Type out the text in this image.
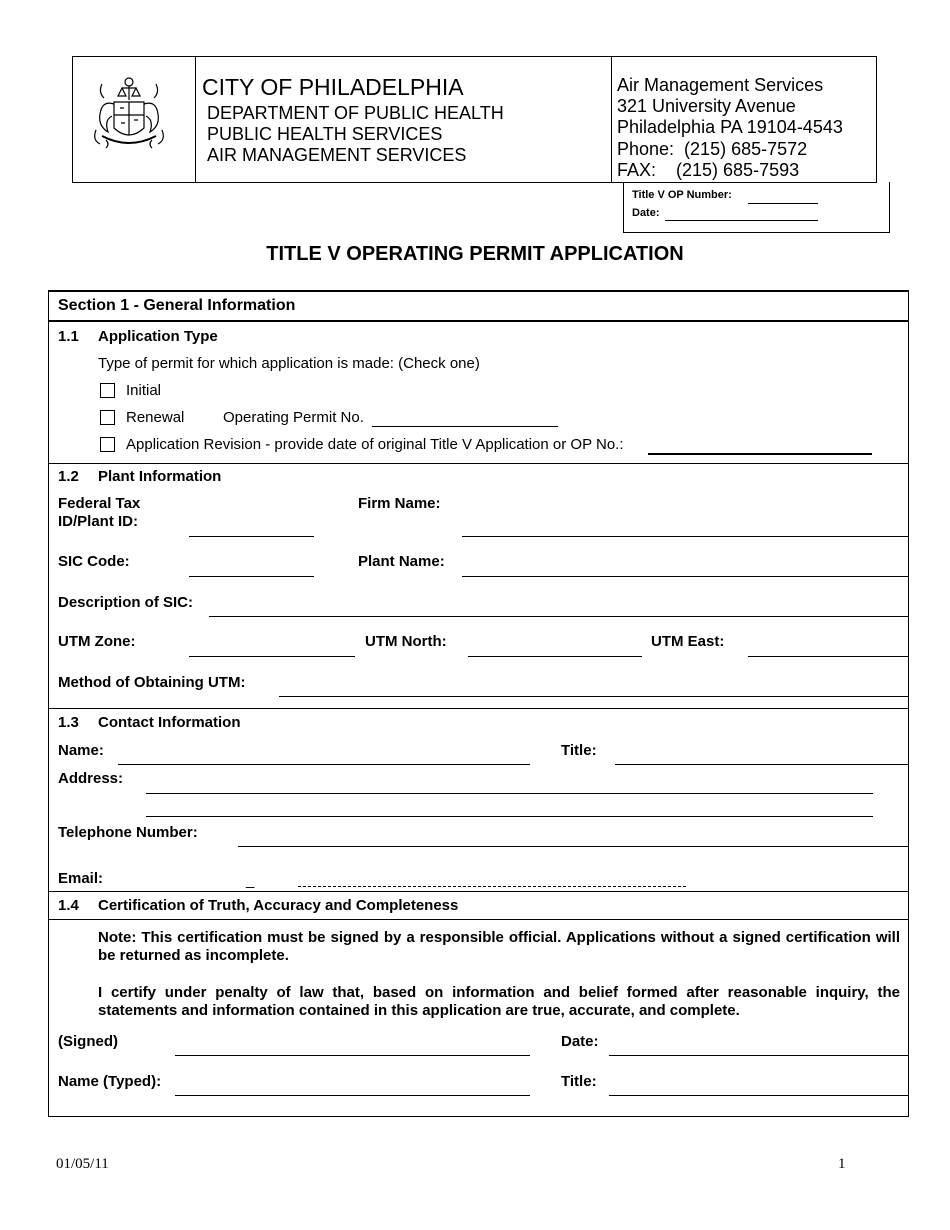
CITY OF PHILADELPHIA
DEPARTMENT OF PUBLIC HEALTH
PUBLIC HEALTH SERVICES
AIR MANAGEMENT SERVICES
Air Management Services
321 University Avenue
Philadelphia PA 19104-4543
Phone:  (215) 685-7572
FAX:    (215) 685-7593
Title V OP Number:
Date:
TITLE V OPERATING PERMIT APPLICATION
Section 1 - General Information
1.1 Application Type
Type of permit for which application is made: (Check one)
Initial
Renewal	Operating Permit No.
Application Revision - provide date of original Title V Application or OP No.:
1.2 Plant Information
Federal Tax
ID/Plant ID:
Firm Name:
SIC Code:	Plant Name:
Description of SIC:
UTM Zone:	UTM North:	UTM East:
Method of Obtaining UTM:
1.3 Contact Information
Name:	Title:
Address:
Telephone Number:
Email:	_
1.4 Certification of Truth, Accuracy and Completeness
Note: This certification must be signed by a responsible official. Applications without a signed certification will be returned as incomplete.
I certify under penalty of law that, based on information and belief formed after reasonable inquiry, the statements and information contained in this application are true, accurate, and complete.
(Signed)	Date:
Name (Typed):	Title:
01/05/11	1
